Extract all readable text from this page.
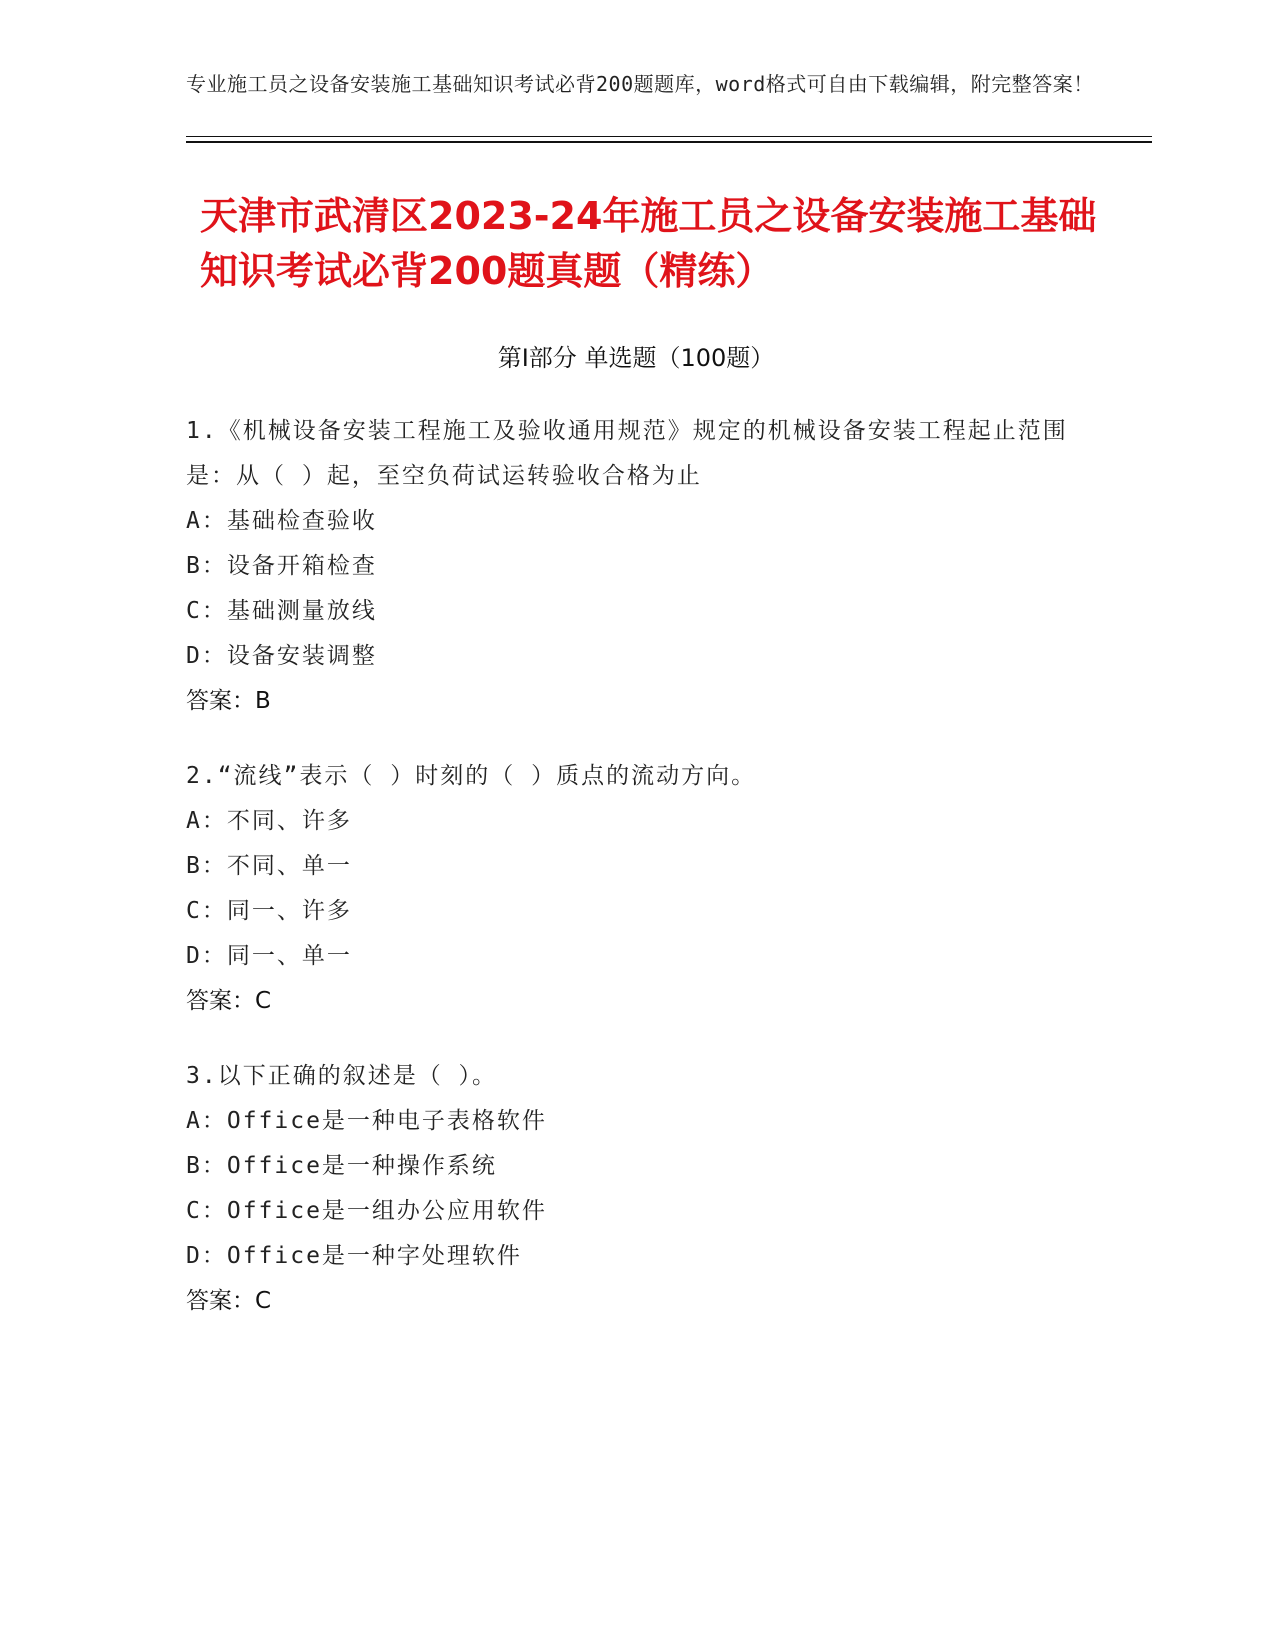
专业施工员之设备安装施工基础知识考试必背200题题库，word格式可自由下载编辑，附完整答案！
天津市武清区2023-24年施工员之设备安装施工基础知识考试必背200题真题（精练）
第I部分 单选题（100题）
1.《机械设备安装工程施工及验收通用规范》规定的机械设备安装工程起止范围是：从（ ）起，至空负荷试运转验收合格为止
A：基础检查验收
B：设备开箱检查
C：基础测量放线
D：设备安装调整
答案：B
2.“流线”表示（ ）时刻的（ ）质点的流动方向。
A：不同、许多
B：不同、单一
C：同一、许多
D：同一、单一
答案：C
3.以下正确的叙述是（ ）。
A：Office是一种电子表格软件
B：Office是一种操作系统
C：Office是一组办公应用软件
D：Office是一种字处理软件
答案：C
